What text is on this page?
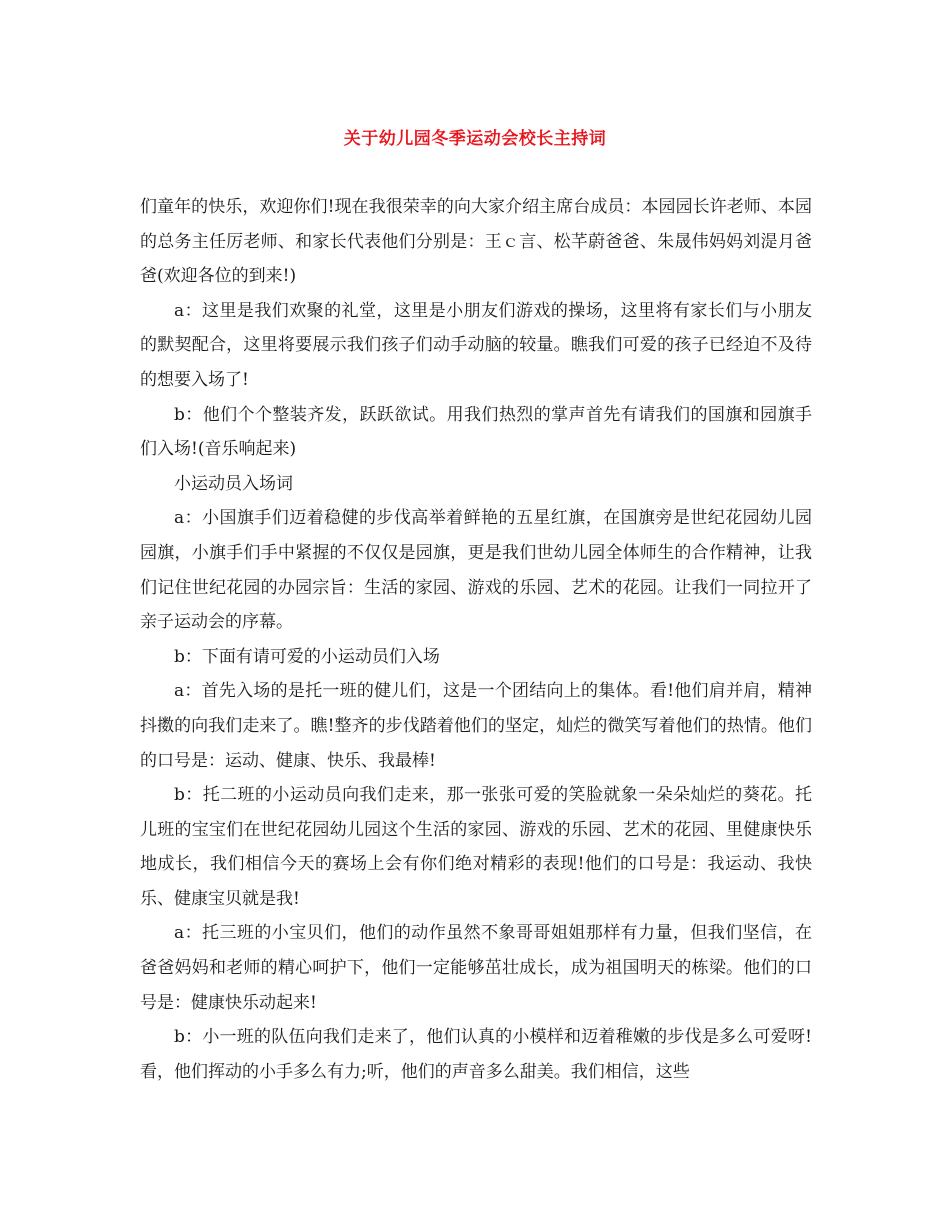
关于幼儿园冬季运动会校长主持词

们童年的快乐，欢迎你们!现在我很荣幸的向大家介绍主席台成员：本园园长许老师、本园的总务主任厉老师、和家长代表他们分别是：王ｃ言、松芊蔚爸爸、朱晟伟妈妈刘湜月爸爸(欢迎各位的到来!)

a：这里是我们欢聚的礼堂，这里是小朋友们游戏的操场，这里将有家长们与小朋友的默契配合，这里将要展示我们孩子们动手动脑的较量。瞧我们可爱的孩子已经迫不及待的想要入场了!

b：他们个个整装齐发，跃跃欲试。用我们热烈的掌声首先有请我们的国旗和园旗手们入场!(音乐响起来)

小运动员入场词

a：小国旗手们迈着稳健的步伐高举着鲜艳的五星红旗，在国旗旁是世纪花园幼儿园园旗，小旗手们手中紧握的不仅仅是园旗，更是我们世幼儿园全体师生的合作精神，让我们记住世纪花园的办园宗旨：生活的家园、游戏的乐园、艺术的花园。让我们一同拉开了亲子运动会的序幕。

b：下面有请可爱的小运动员们入场

a：首先入场的是托一班的健儿们，这是一个团结向上的集体。看!他们肩并肩，精神抖擞的向我们走来了。瞧!整齐的步伐踏着他们的坚定，灿烂的微笑写着他们的热情。他们的口号是：运动、健康、快乐、我最棒!

b：托二班的小运动员向我们走来，那一张张可爱的笑脸就象一朵朵灿烂的葵花。托儿班的宝宝们在世纪花园幼儿园这个生活的家园、游戏的乐园、艺术的花园、里健康快乐地成长，我们相信今天的赛场上会有你们绝对精彩的表现!他们的口号是：我运动、我快乐、健康宝贝就是我!

a：托三班的小宝贝们，他们的动作虽然不象哥哥姐姐那样有力量，但我们坚信，在爸爸妈妈和老师的精心呵护下，他们一定能够茁壮成长，成为祖国明天的栋梁。他们的口号是：健康快乐动起来!

b：小一班的队伍向我们走来了，他们认真的小模样和迈着稚嫩的步伐是多么可爱呀!看，他们挥动的小手多么有力;听，他们的声音多么甜美。我们相信，这些
